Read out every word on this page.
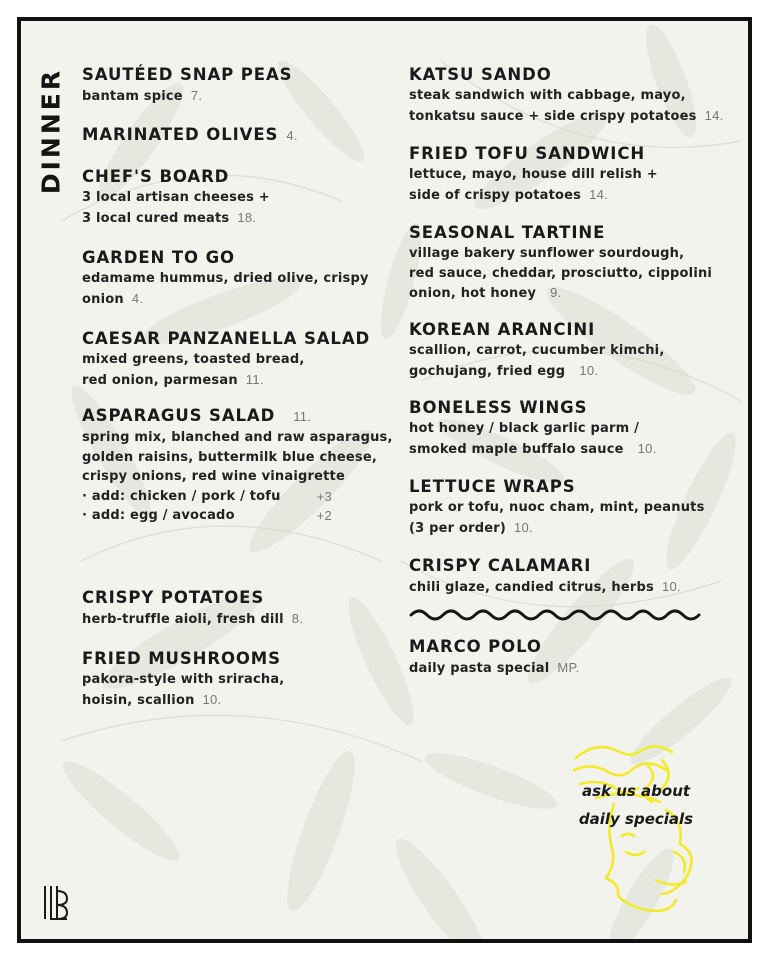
DINNER SAUTÉED SNAP PEAS
bantam spice 7.
MARINATED OLIVES 4.
CHEF'S BOARD
3 local artisan cheeses +
3 local cured meats 18.
GARDEN TO GO
edamame hummus, dried olive, crispy
onion 4.
CAESAR PANZANELLA SALAD
mixed greens, toasted bread,
red onion, parmesan 11.
ASPARAGUS SALAD 11.
spring mix, blanched and raw asparagus,
golden raisins, buttermilk blue cheese,
crispy onions, red wine vinaigrette
· add: chicken / pork / tofu	+3
· add: egg / avocado	+2
CRISPY POTATOES
herb-truffle aioli, fresh dill 8.
FRIED MUSHROOMS
pakora-style with sriracha,
hoisin, scallion 10.
KATSU SANDO
steak sandwich with cabbage, mayo,
tonkatsu sauce + side crispy potatoes 14.
FRIED TOFU SANDWICH
lettuce, mayo, house dill relish +
side of crispy potatoes 14.
SEASONAL TARTINE
village bakery sunflower sourdough,
red sauce, cheddar, prosciutto, cippolini
onion, hot honey 9.
KOREAN ARANCINI
scallion, carrot, cucumber kimchi,
gochujang, fried egg 10.
BONELESS WINGS
hot honey / black garlic parm /
smoked maple buffalo sauce 10.
LETTUCE WRAPS
pork or tofu, nuoc cham, mint, peanuts
(3 per order) 10.
CRISPY CALAMARI
chili glaze, candied citrus, herbs 10.
MARCO POLO
daily pasta special MP.
ask us about
daily specials
